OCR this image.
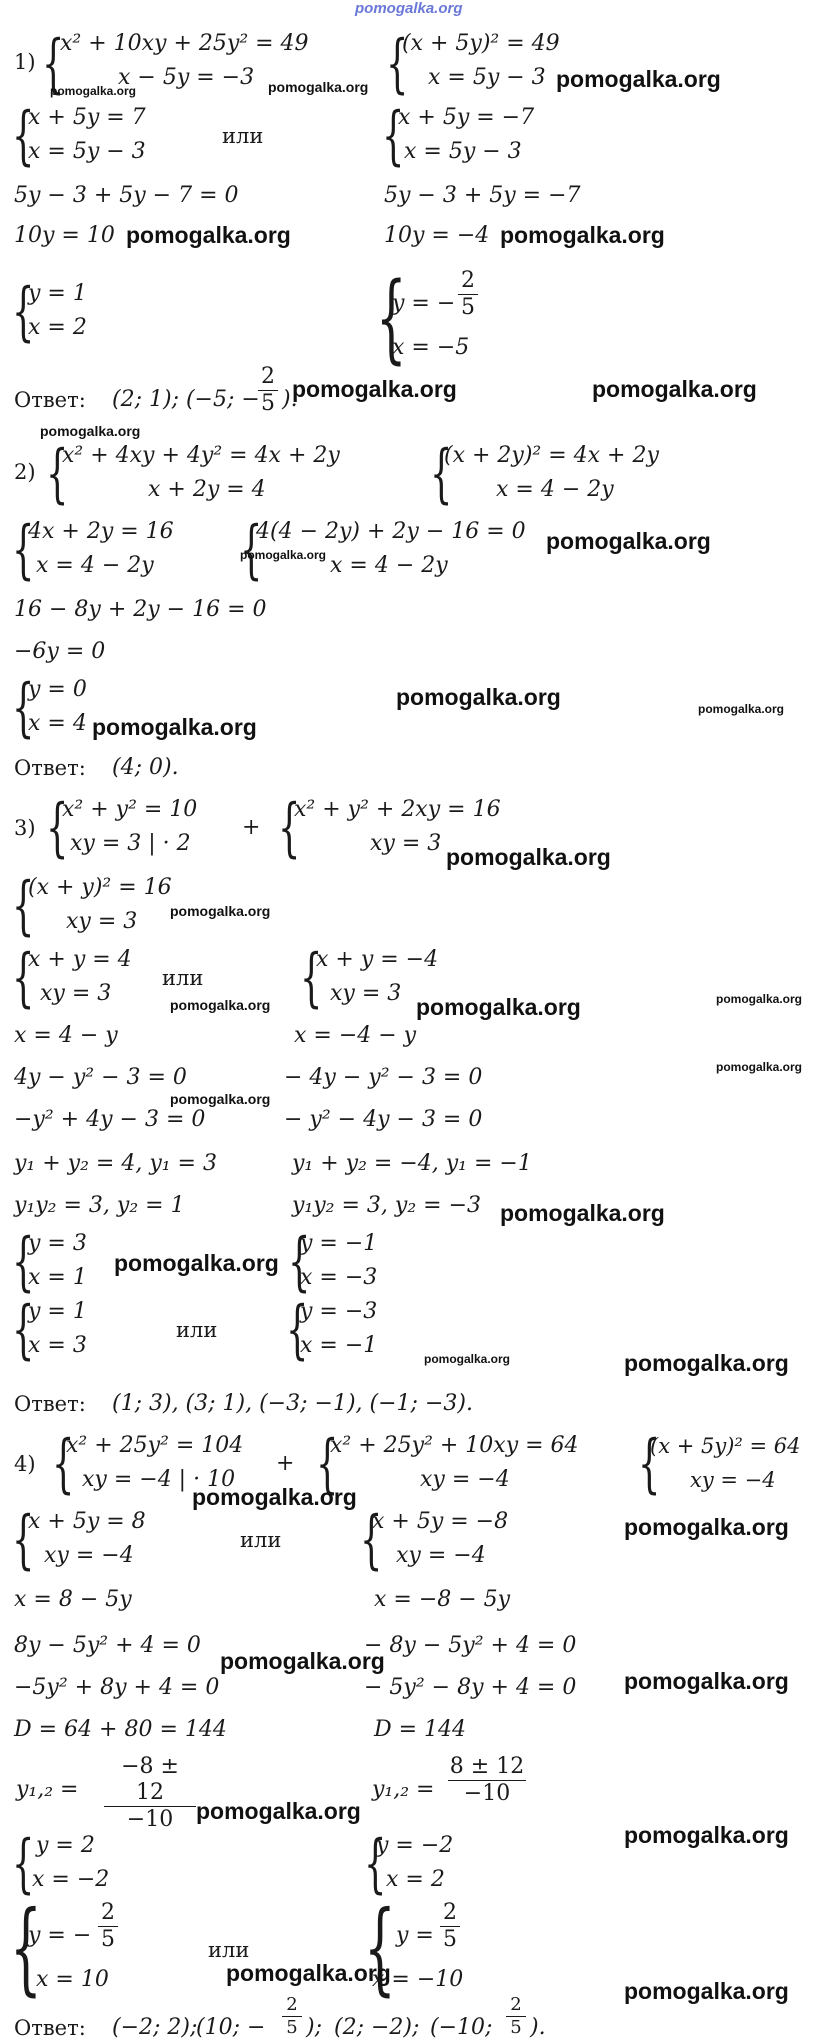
pomogalka.org
1) {
x² + 10xy + 25y² = 49
x − 5y = −3
pomogalka.org	pomogalka.org {
(x + 5y)² = 49
x = 5y − 3 pomogalka.org
{
x + 5y = 7
x = 5y − 3
или {
x + 5y = −7
x = 5y − 3
5y − 3 + 5y − 7 = 0	5y − 3 + 5y = −7
10y = 10 pomogalka.org	10y = −4 pomogalka.org
{
y = 1
x = 2	{
y = − $\frac{2}{5}$
x = −5
Ответ: (2; 1); (−5; −
$\frac{2}{5}$ ).
pomogalka.org	pomogalka.org
pomogalka.org
2) {
x² + 4xy + 4y² = 4x + 2y
x + 2y = 4	{
(x + 2y)² = 4x + 2y
x = 4 − 2y
{
4x + 2y = 16
x = 4 − 2y {
4(4 − 2y) + 2y − 16 = 0
x = 4 − 2y
pomogalka.org
pomogalka.org
16 − 8y + 2y − 16 = 0
−6y = 0
{
y = 0
x = 4 pomogalka.org
pomogalka.org	pomogalka.org
Ответ: (4; 0).
3) {
x² + y² = 10
xy = 3 | · 2
+ {
x² + y² + 2xy = 16
xy = 3
pomogalka.org
{
(x + y)² = 16
xy = 3 pomogalka.org
{
x + y = 4
xy = 3
или
pomogalka.org {
x + y = −4
xy = 3
pomogalka.org	pomogalka.org
x = 4 − y	x = −4 − y
4y − y² − 3 = 0	− 4y − y² − 3 = 0	pomogalka.org
pomogalka.org
−y² + 4y − 3 = 0	− y² − 4y − 3 = 0
y₁ + y₂ = 4, y₁ = 3	y₁ + y₂ = −4, y₁ = −1
y₁y₂ = 3, y₂ = 1	y₁y₂ = 3, y₂ = −3 pomogalka.org
{
y = 3
x = 1
pomogalka.org {
y = −1
x = −3
{
y = 1
x = 3
или {
y = −3
x = −1
pomogalka.org	pomogalka.org
Ответ: (1; 3), (3; 1), (−3; −1), (−1; −3).
4) {
x² + 25y² = 104
xy = −4 | · 10
+ {
x² + 25y² + 10xy = 64
xy = −4 {
(x + 5y)² = 64
xy = −4
pomogalka.org
{
x + 5y = 8
xy = −4
или {
x + 5y = −8
xy = −4
pomogalka.org
x = 8 − 5y	x = −8 − 5y
8y − 5y² + 4 = 0	− 8y − 5y² + 4 = 0
pomogalka.org
pomogalka.org
−5y² + 8y + 4 = 0	− 5y² − 8y + 4 = 0
D = 64 + 80 = 144	D = 144
$y_1,_2 = \frac{-8 \pm 12}{-10}$ pomogalka.org
$y_1,_2 = \frac{8 \pm 12}{-10}$
pomogalka.org
{ y = 2
x = −2	{
y = −2
x = 2
{
y = − $\frac{2}{5}$
x = 10
или { $y = \frac{2}{5}$
x = −10
pomogalka.org
pomogalka.org
Ответ: (−2; 2);
(10; − $\frac{2}{5}$ ); (2; −2); (−10; $\frac{2}{5}$ ).
